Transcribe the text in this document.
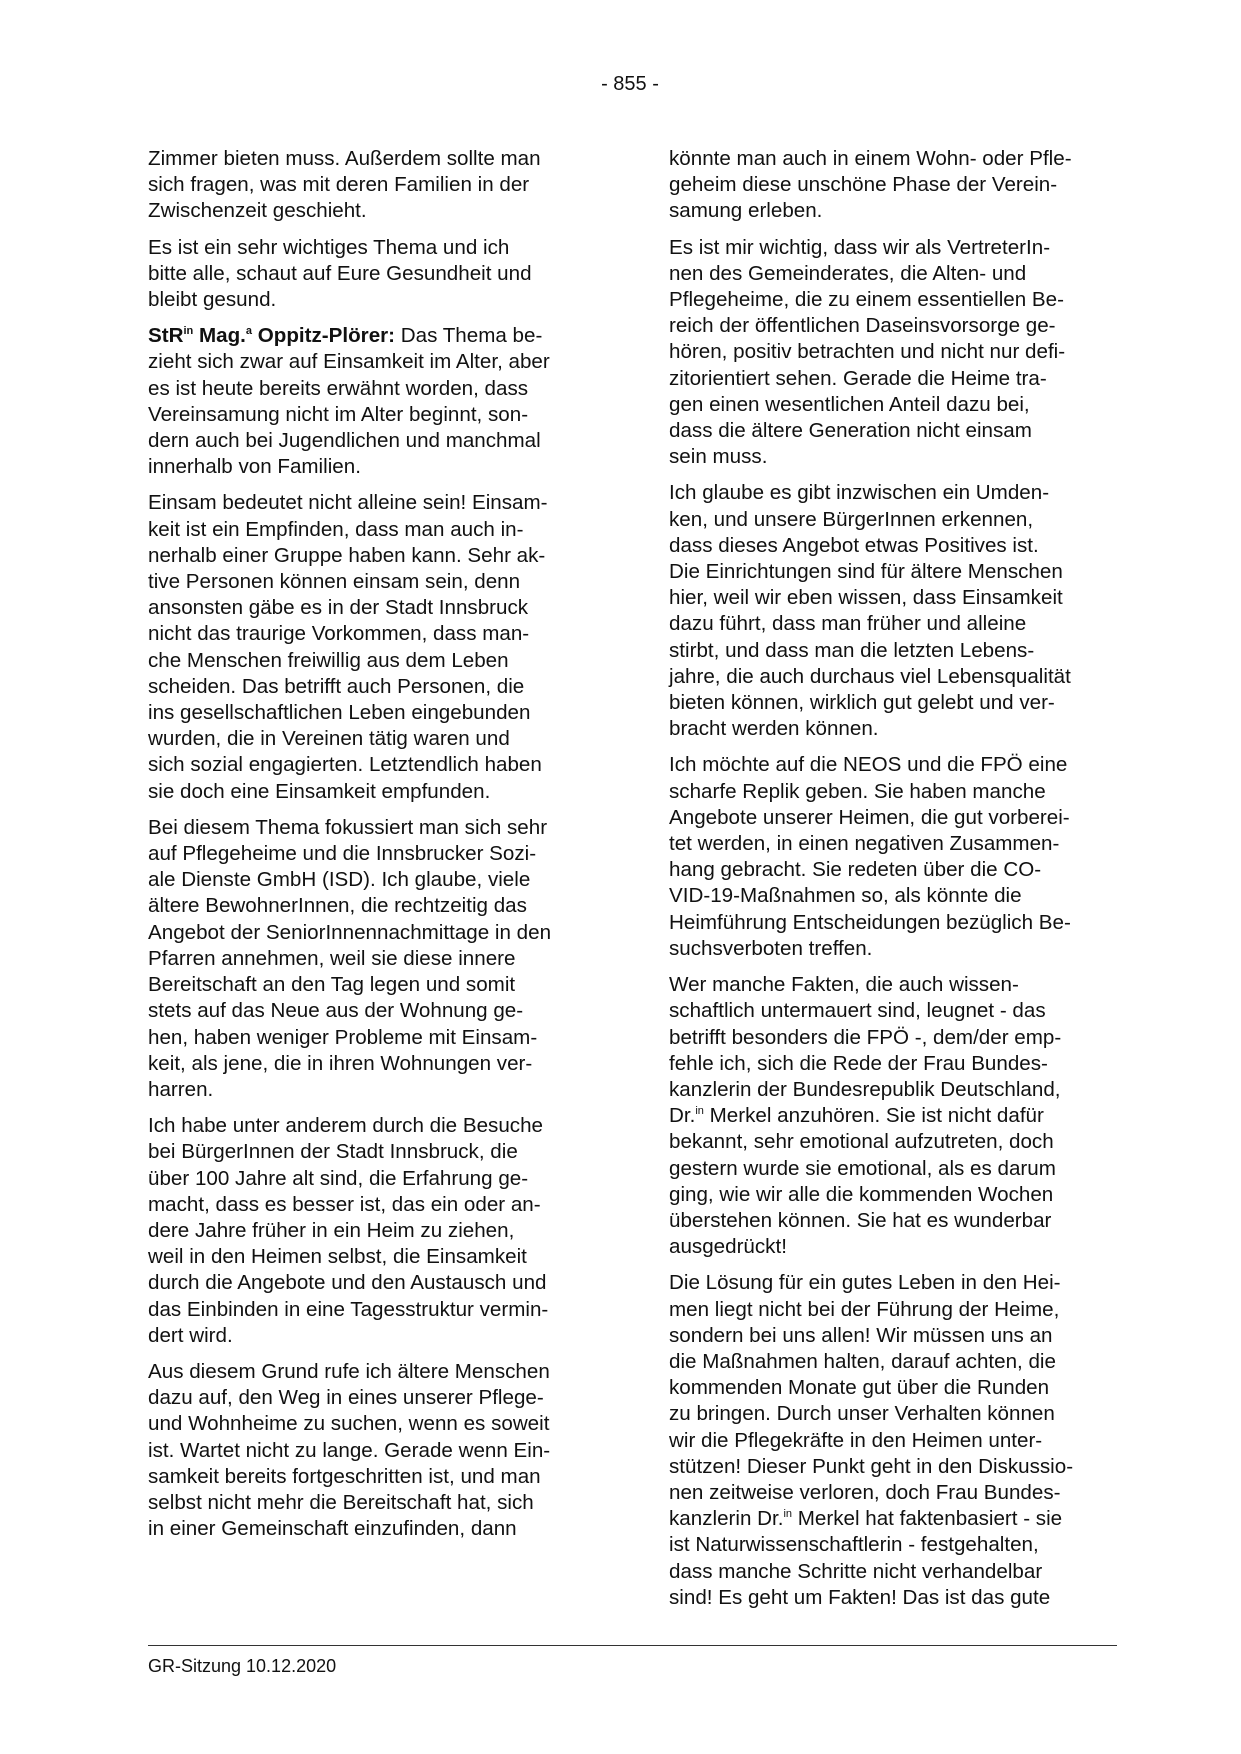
- 855 -

Zimmer bieten muss. Außerdem sollte man
sich fragen, was mit deren Familien in der
Zwischenzeit geschieht.

Es ist ein sehr wichtiges Thema und ich
bitte alle, schaut auf Eure Gesundheit und
bleibt gesund.

StR$^{in}$ Mag.$^a$ Oppitz-Plörer: Das Thema be-
zieht sich zwar auf Einsamkeit im Alter, aber
es ist heute bereits erwähnt worden, dass
Vereinsamung nicht im Alter beginnt, son-
dern auch bei Jugendlichen und manchmal
innerhalb von Familien.

Einsam bedeutet nicht alleine sein! Einsam-
keit ist ein Empfinden, dass man auch in-
nerhalb einer Gruppe haben kann. Sehr ak-
tive Personen können einsam sein, denn
ansonsten gäbe es in der Stadt Innsbruck
nicht das traurige Vorkommen, dass man-
che Menschen freiwillig aus dem Leben
scheiden. Das betrifft auch Personen, die
ins gesellschaftlichen Leben eingebunden
wurden, die in Vereinen tätig waren und
sich sozial engagierten. Letztendlich haben
sie doch eine Einsamkeit empfunden.

Bei diesem Thema fokussiert man sich sehr
auf Pflegeheime und die Innsbrucker Sozi-
ale Dienste GmbH (ISD). Ich glaube, viele
ältere BewohnerInnen, die rechtzeitig das
Angebot der SeniorInnennachmittage in den
Pfarren annehmen, weil sie diese innere
Bereitschaft an den Tag legen und somit
stets auf das Neue aus der Wohnung ge-
hen, haben weniger Probleme mit Einsam-
keit, als jene, die in ihren Wohnungen ver-
harren.

Ich habe unter anderem durch die Besuche
bei BürgerInnen der Stadt Innsbruck, die
über 100 Jahre alt sind, die Erfahrung ge-
macht, dass es besser ist, das ein oder an-
dere Jahre früher in ein Heim zu ziehen,
weil in den Heimen selbst, die Einsamkeit
durch die Angebote und den Austausch und
das Einbinden in eine Tagesstruktur vermin-
dert wird.

Aus diesem Grund rufe ich ältere Menschen
dazu auf, den Weg in eines unserer Pflege-
und Wohnheime zu suchen, wenn es soweit
ist. Wartet nicht zu lange. Gerade wenn Ein-
samkeit bereits fortgeschritten ist, und man
selbst nicht mehr die Bereitschaft hat, sich
in einer Gemeinschaft einzufinden, dann

könnte man auch in einem Wohn- oder Pfle-
geheim diese unschöne Phase der Verein-
samung erleben.

Es ist mir wichtig, dass wir als VertreterIn-
nen des Gemeinderates, die Alten- und
Pflegeheime, die zu einem essentiellen Be-
reich der öffentlichen Daseinsvorsorge ge-
hören, positiv betrachten und nicht nur defi-
zitorientiert sehen. Gerade die Heime tra-
gen einen wesentlichen Anteil dazu bei,
dass die ältere Generation nicht einsam
sein muss.

Ich glaube es gibt inzwischen ein Umden-
ken, und unsere BürgerInnen erkennen,
dass dieses Angebot etwas Positives ist.
Die Einrichtungen sind für ältere Menschen
hier, weil wir eben wissen, dass Einsamkeit
dazu führt, dass man früher und alleine
stirbt, und dass man die letzten Lebens-
jahre, die auch durchaus viel Lebensqualität
bieten können, wirklich gut gelebt und ver-
bracht werden können.

Ich möchte auf die NEOS und die FPÖ eine
scharfe Replik geben. Sie haben manche
Angebote unserer Heimen, die gut vorberei-
tet werden, in einen negativen Zusammen-
hang gebracht. Sie redeten über die CO-
VID-19-Maßnahmen so, als könnte die
Heimführung Entscheidungen bezüglich Be-
suchsverboten treffen.

Wer manche Fakten, die auch wissen-
schaftlich untermauert sind, leugnet - das
betrifft besonders die FPÖ -, dem/der emp-
fehle ich, sich die Rede der Frau Bundes-
kanzlerin der Bundesrepublik Deutschland,
Dr.$^{in}$ Merkel anzuhören. Sie ist nicht dafür
bekannt, sehr emotional aufzutreten, doch
gestern wurde sie emotional, als es darum
ging, wie wir alle die kommenden Wochen
überstehen können. Sie hat es wunderbar
ausgedrückt!

Die Lösung für ein gutes Leben in den Hei-
men liegt nicht bei der Führung der Heime,
sondern bei uns allen! Wir müssen uns an
die Maßnahmen halten, darauf achten, die
kommenden Monate gut über die Runden
zu bringen. Durch unser Verhalten können
wir die Pflegekräfte in den Heimen unter-
stützen! Dieser Punkt geht in den Diskussio-
nen zeitweise verloren, doch Frau Bundes-
kanzlerin Dr.$^{in}$ Merkel hat faktenbasiert - sie
ist Naturwissenschaftlerin - festgehalten,
dass manche Schritte nicht verhandelbar
sind! Es geht um Fakten! Das ist das gute

GR-Sitzung 10.12.2020
